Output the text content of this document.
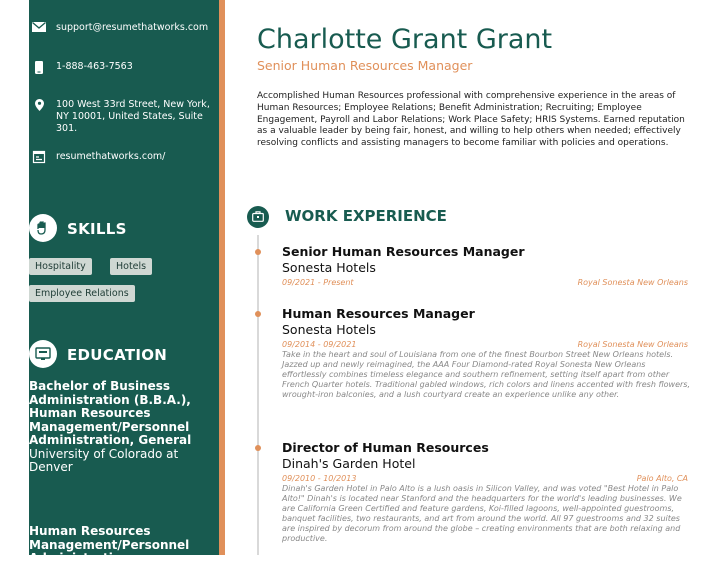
support@resumethatworks.com
1-888-463-7563
100 West 33rd Street, New York, NY 10001, United States, Suite 301.
resumethatworks.com/
SKILLS
Hospitality	Hotels
Employee Relations
EDUCATION
Bachelor of Business Administration (B.B.A.), Human Resources Management/Personnel Administration, General
University of Colorado at Denver
Human Resources Management/Personnel Administration
Charlotte Grant Grant
Senior Human Resources Manager
Accomplished Human Resources professional with comprehensive experience in the areas of Human Resources; Employee Relations; Benefit Administration; Recruiting; Employee Engagement, Payroll and Labor Relations; Work Place Safety; HRIS Systems. Earned reputation as a valuable leader by being fair, honest, and willing to help others when needed; effectively resolving conflicts and assisting managers to become familiar with policies and operations.
WORK EXPERIENCE
Senior Human Resources Manager
Sonesta Hotels
09/2021 - Present	Royal Sonesta New Orleans
Human Resources Manager
Sonesta Hotels
09/2014 - 09/2021	Royal Sonesta New Orleans
Take in the heart and soul of Louisiana from one of the finest Bourbon Street New Orleans hotels. Jazzed up and newly reimagined, the AAA Four Diamond-rated Royal Sonesta New Orleans effortlessly combines timeless elegance and southern refinement, setting itself apart from other French Quarter hotels. Traditional gabled windows, rich colors and linens accented with fresh flowers, wrought-iron balconies, and a lush courtyard create an experience unlike any other.
Director of Human Resources
Dinah's Garden Hotel
09/2010 - 10/2013	Palo Alto, CA
Dinah's Garden Hotel in Palo Alto is a lush oasis in Silicon Valley, and was voted "Best Hotel in Palo Alto!" Dinah's is located near Stanford and the headquarters for the world's leading businesses. We are California Green Certified and feature gardens, Koi-filled lagoons, well-appointed guestrooms, banquet facilities, two restaurants, and art from around the world. All 97 guestrooms and 32 suites are inspired by decorum from around the globe – creating environments that are both relaxing and productive.
